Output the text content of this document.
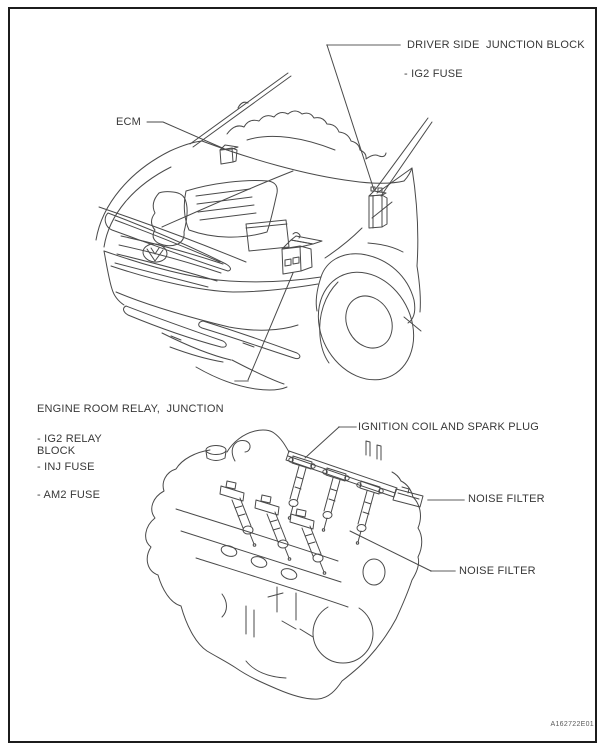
DRIVER SIDE  JUNCTION BLOCK
- IG2 FUSE
ECM

ENGINE ROOM RELAY,  JUNCTION

BLOCK

- IG2 RELAY
- INJ FUSE
- AM2 FUSE
IGNITION COIL AND SPARK PLUG
NOISE FILTER
NOISE FILTER
A162722E01
